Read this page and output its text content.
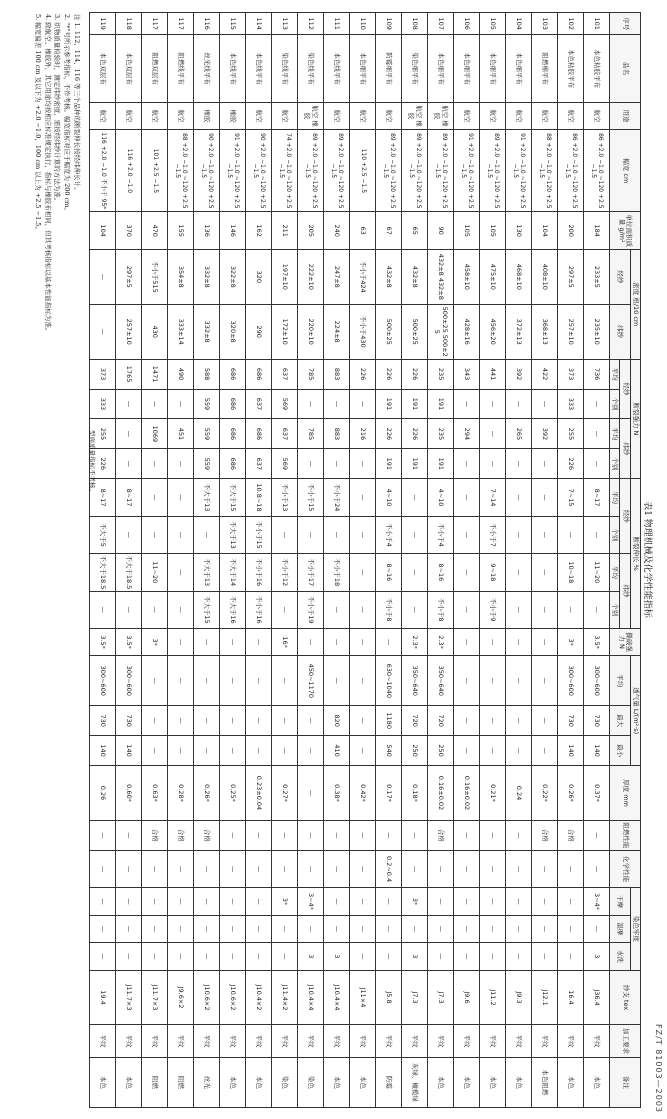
FZ/T 81003—2003
表1 物理机械及化学性能指标
序号	品名	用途	幅宽 cm	单位面积质量 g/m²	密度 根/10 cm		断裂强力 N				断裂伸长 %				撕破强力 N	透气量 L/(m²·s)			厚度 mm	阻燃性能	化学性能	染色牢度			纱支 tex	加工要求	备注
					经纱	纬纱	经纱		纬纱		经纱		纬纱			平均	最大	最小				干摩	湿摩	水洗			
							平均	个别	平均	个别	平均	个别	平均	个别													
101	本色粘胶平布	航空	86 +2.0 −1.0 ~120 +2.5 −1.5	184	233±5	235±10	736	—	—	—	8~17	—	11~20	—	3.5*	300~600	730	140	0.37*	—	—	3~4*	—	3	J36.4	平纹	本色
102	本色粘胶平布	航空	86 +2.0 −1.0 ~120 +2.5 −1.5	200	297±5	257±10	373	333	255	226	7~15	—	10~18	—	3*	300~600	730	140	0.26*	合格	—	—	—	—	16.4	平纹	本色
103	阻燃棉平布	航空	88 +2.0 −1.0 ~120 +2.5 −1.5	104	408±10	368±13	422	—	392	—	—	—	—	—	—	—	—	—	0.22*	合格	—	—	—	—	J12.1	平纹	本色阻燃
104	本色细平布	航空	91 +2.0 −1.0 ~120 +2.5 −1.5	130	468±10	372±13	392	—	265	—	—	—	—	—	—	—	—	—	0.24	—	—	—	—	—	J9.3	平纹	本色
105	本色细平布	航空	89 +2.0 −1.0 ~120 +2.5 −1.5	105	475±10	456±20	441	—	—	—	7~14	不小于7	9~18	不小于9	—	—	—	—	0.21*	—	—	—	—	—	J11.2	平纹	本色
106	本色细平布	航空	91 +2.0 −1.0 ~120 +2.5 −1.5	105	458±10	428±16	343	—	294	—	—	—	—	—	—	—	—	—	0.16±0.02	—	—	—	—	—	J9.6	平纹	本色
107	本色细平布	航空 橡胶	89 +2.0 −1.0 ~120 +2.5 −1.5	90	432±8 432±8	500±25 500±25	235	191	235	191	4~10	不小于4	8~16	不小于8	2.3*	350~640	720	250	0.16±0.02	合格	—	—	—	—	J7.3	平纹	本色
108	染色细平布	航空 橡胶	89 +2.0 −1.0 ~120 +2.5 −1.5	65	432±8	500±25	226	191	226	191	—	—	—	—	2.3*	350~640	720	250	0.18*	—	—	3*	—	3	J7.3	平纹	灰绿、橄榄绿
109	防霉细平布	航空	89 +2.0 −1.0 ~120 +2.5 −1.5	67	432±8	500±25	226	191	226	191	4~10	不小于4	8~16	不小于8	—	630~1040	1180	540	0.17*	—	0.2~0.4	—	—	—	J5.8	平纹	防霉
110	本色细平布	航空	110 +2.5 −1.5	63	不小于424	不小于430	226	—	216	—	—	—	—	—	—	—	—	—	0.42*	—	—	—	—	—	J11×4	平纹	本色
111	本色线平布	航空	89 +2.0 −1.0 ~120 +2.5 −1.5	240	247±8	224±8	883	—	883	—	不小于24	—	不小于18	—	—	—	820	410	0.38*	—	—	—	—	3	J10.4×4	平纹	本色
112	染色线平布	航空 橡胶	89 +2.0 −1.0 ~120 +2.5 −1.5	205	222±10	220±10	785	—	785	—	不小于15	—	不小于17	不小于19	—	450~1170	—	—	—	—	—	3~4*	—	3	J10.4×4	平纹	染色
113	染色线平布	航空	74 +2.0 −1.0 ~120 +2.5 −1.5	211	197±10	172±10	637	569	637	569	不小于13	—	不小于12	—	16*	—	—	—	0.27*	—	—	3*	—	—	J11.4×2	平纹	染色
114	本色线平布	航空	90 +2.0 −1.0 ~120 +2.5 −1.5	162	320	290	686	637	686	637	10.8~18	不小于15	不小于16	不小于16	—	—	—	—	0.23±0.04	—	—	—	—	—	J10.4×2	平纹	本色
115	本色线平布	橡胶	91 +2.0 −1.0 ~120 +2.5 −1.5	146	322±8	320±8	686	686	686	686	不大于15	不大于13	不大于14	不大于16	—	—	—	—	0.25*	—	—	—	—	—	J10.6×2	平纹	本色
116	丝光线平布	橡胶	90 +2.0 −1.0 ~120 +2.5 −1.5	136	332±8	332±8	588	559	559	559	不大于13	—	不大于13	不大于15	—	—	—	—	0.26*	合格	—	—	—	—	J10.6×2	平纹	丝光
117	阻燃线平布	航空	88 +2.0 −1.0 ~120 +2.5 −1.5	155	354±8	333±14	490	—	451	—	—	—	—	—	—	—	—	—	0.28*	合格	—	—	—	—	J9.6×2	平纹	阻燃
117	阻燃双层布	航空	101 +2.5 −1.5	470	不小于515	430	1471	—	1069	—	—	—	11~20	—	3*	—	—	—	0.63*	合格	—	—	—	—	J11.7×3	平纹	阻燃
118	本色双层布	航空	116 +2.0 −1.0	370	297±5	257±10	1765	—	—	—	8~17	—	不大于18.5	—	3.5*	300~600	730	140	0.60*	—	—	—	—	—	J11.7×3	平纹	本色
119	本色双层布	航空	116 +2.0 −1.0 不小于 95*	104	—	—	373	333	255	226	8~17	不大于5	不大于18.5	—	3.5*	300~600	730	140	0.26	—	—	—	—	—	19.4	平纹	本色
型面质量指标不考核。
注 1. 112、114、116 等三个品种的断裂伸长按经纬伸长计。
2. "*"号所示参考指标，不作考核。幅宽指标对应于幅宽为 200 cm。
3. 织物质量检验时，测定纬纱密度，需按经纬纱计算的方法为准。
4. 除航空、橡胶外，其它用途均按相应标准规定执行，指标与橡胶布相同，但其考核指标以基本性能指标为准。
5. 幅宽偏差 100 cm 及以下为 +2.0 −1.0，100 cm 以上为 +2.5 −1.5。
